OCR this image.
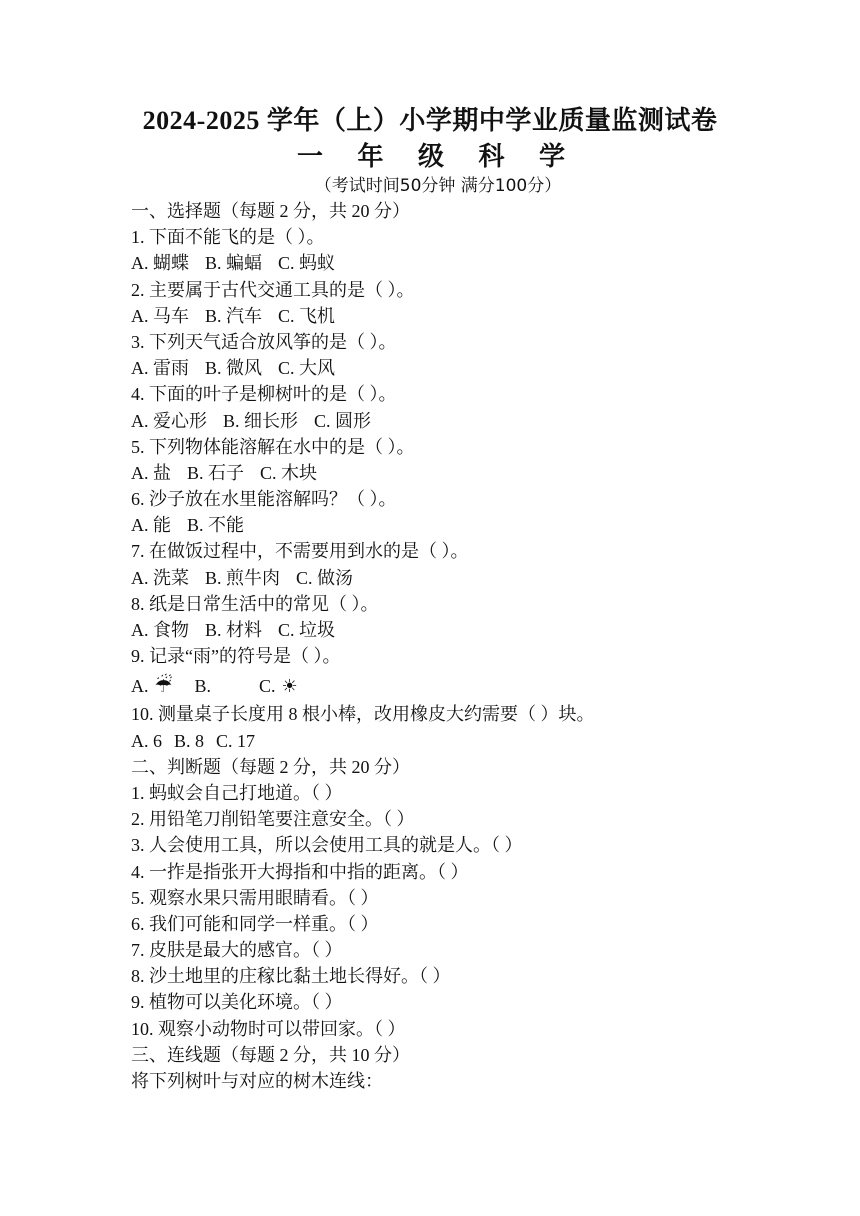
2024-2025 学年（上）小学期中学业质量监测试卷
一 年 级 科 学
（考试时间50分钟 满分100分）
一、选择题（每题 2 分，共 20 分）
1. 下面不能飞的是（ ）。
A. 蝴蝶 B. 蝙蝠 C. 蚂蚁
2. 主要属于古代交通工具的是（ ）。
A. 马车 B. 汽车 C. 飞机
3. 下列天气适合放风筝的是（ ）。
A. 雷雨 B. 微风 C. 大风
4. 下面的叶子是柳树叶的是（ ）。
A. 爱心形 B. 细长形 C. 圆形
5. 下列物体能溶解在水中的是（ ）。
A. 盐 B. 石子 C. 木块
6. 沙子放在水里能溶解吗？（ ）。
A. 能 B. 不能
7. 在做饭过程中，不需要用到水的是（ ）。
A. 洗菜 B. 煎牛肉 C. 做汤
8. 纸是日常生活中的常见（ ）。
A. 食物 B. 材料 C. 垃圾
9. 记录“雨”的符号是（ ）。
A. ☔ B.	C. ☀
10. 测量桌子长度用 8 根小棒，改用橡皮大约需要（ ）块。
A. 6 B. 8 C. 17
二、判断题（每题 2 分，共 20 分）
1. 蚂蚁会自己打地道。（ ）
2. 用铅笔刀削铅笔要注意安全。（ ）
3. 人会使用工具，所以会使用工具的就是人。（ ）
4. 一拃是指张开大拇指和中指的距离。（ ）
5. 观察水果只需用眼睛看。（ ）
6. 我们可能和同学一样重。（ ）
7. 皮肤是最大的感官。（ ）
8. 沙土地里的庄稼比黏土地长得好。（ ）
9. 植物可以美化环境。（ ）
10. 观察小动物时可以带回家。（ ）
三、连线题（每题 2 分，共 10 分）
将下列树叶与对应的树木连线：
